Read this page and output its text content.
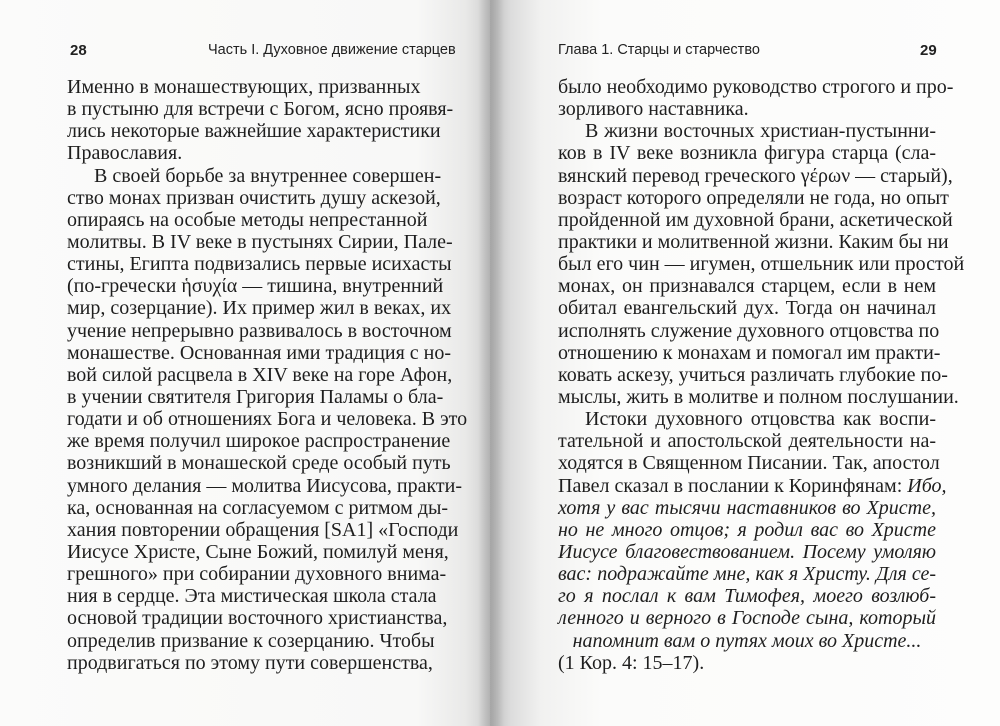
28	Часть I. Духовное движение старцев
Именно в монашествующих, призванных
в пустыню для встречи с Богом, ясно проявя-
лись некоторые важнейшие характеристики
Православия.
В своей борьбе за внутреннее совершен-
ство монах призван очистить душу аскезой,
опираясь на особые методы непрестанной
молитвы. В IV веке в пустынях Сирии, Пале-
стины, Египта подвизались первые исихасты
(по-гречески ἡσυχία — тишина, внутренний
мир, созерцание). Их пример жил в веках, их
учение непрерывно развивалось в восточном
монашестве. Основанная ими традиция с но-
вой силой расцвела в XIV веке на горе Афон,
в учении святителя Григория Паламы о бла-
годати и об отношениях Бога и человека. В это
же время получил широкое распространение
возникший в монашеской среде особый путь
умного делания — молитва Иисусова, практи-
ка, основанная на согласуемом с ритмом ды-
хания повторении обращения [SA1] «Господи
Иисусе Христе, Сыне Божий, помилуй меня,
грешного» при собирании духовного внима-
ния в сердце. Эта мистическая школа стала
основой традиции восточного христианства,
определив призвание к созерцанию. Чтобы
продвигаться по этому пути совершенства,
Глава 1. Старцы и старчество	29
было необходимо руководство строгого и про-
зорливого наставника.
В жизни восточных христиан-пустынни-
ков в IV веке возникла фигура старца (сла-
вянский перевод греческого γέρων — старый),
возраст которого определяли не года, но опыт
пройденной им духовной брани, аскетической
практики и молитвенной жизни. Каким бы ни
был его чин — игумен, отшельник или простой
монах, он признавался старцем, если в нем
обитал евангельский дух. Тогда он начинал
исполнять служение духовного отцовства по
отношению к монахам и помогал им практи-
ковать аскезу, учиться различать глубокие по-
мыслы, жить в молитве и полном послушании.
Истоки духовного отцовства как воспи-
тательной и апостольской деятельности на-
ходятся в Священном Писании. Так, апостол
Павел сказал в послании к Коринфянам: Ибо,
хотя у вас тысячи наставников во Христе,
но не много отцов; я родил вас во Христе
Иисусе благовествованием. Посему умоляю
вас: подражайте мне, как я Христу. Для се-
го я послал к вам Тимофея, моего возлюб-
ленного и верного в Господе сына, который
напомнит вам о путях моих во Христе...
(1 Кор. 4: 15–17).
